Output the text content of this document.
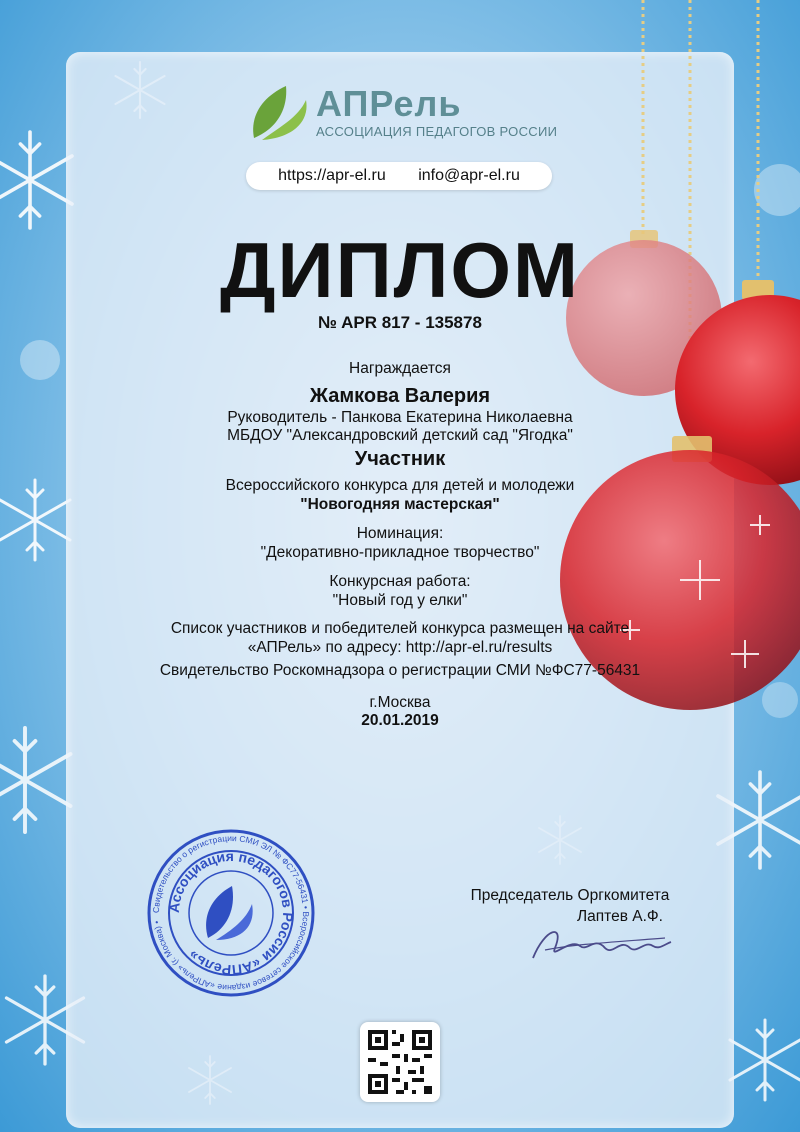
АПРель
АССОЦИАЦИЯ ПЕДАГОГОВ РОССИИ
https://apr-el.ru info@apr-el.ru
ДИПЛОМ
№ APR 817 - 135878
Награждается
Жамкова Валерия
Руководитель - Панкова Екатерина Николаевна
МБДОУ "Александровский детский сад "Ягодка"
Участник
Всероссийского конкурса для детей и молодежи
"Новогодняя мастерская"
Номинация:
"Декоративно-прикладное творчество"
Конкурсная работа:
"Новый год у елки"
Список участников и победителей конкурса размещен на сайте
«АПРель» по адресу: http://apr-el.ru/results
Свидетельство Роскомнадзора о регистрации СМИ №ФС77-56431
г.Москва
20.01.2019
Свидетельство о регистрации СМИ ЭЛ № ФС77-56431 • Всероссийское сетевое издание «АПРель» (г. Москва) •
Ассоциация педагогов России «АПРель»
Председатель Оргкомитета
Лаптев А.Ф.
